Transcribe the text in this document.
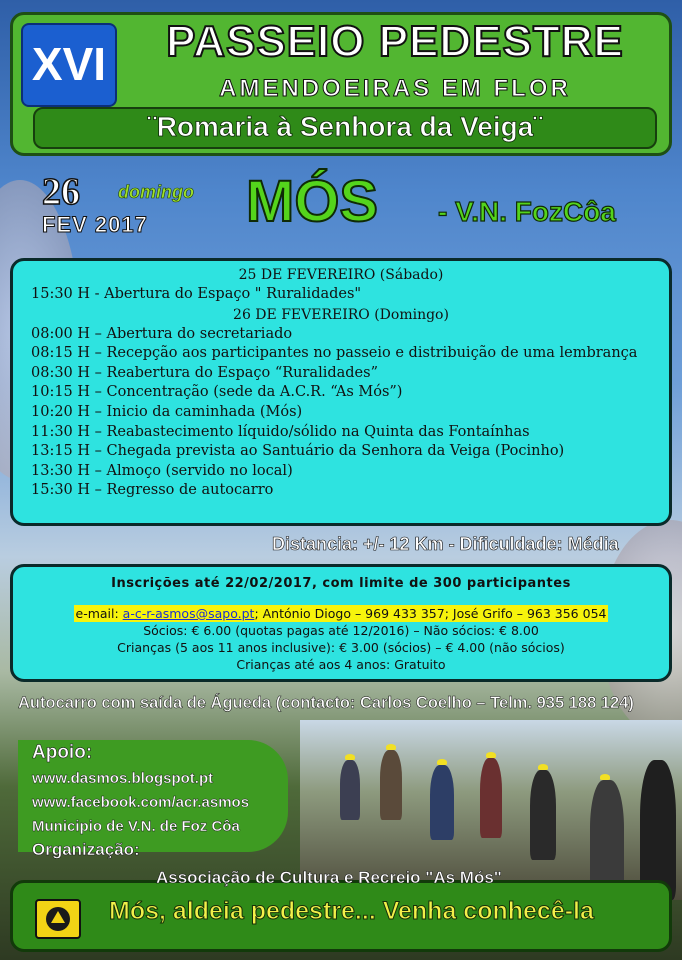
XVI	PASSEIO PEDESTRE
AMENDOEIRAS EM FLOR
¨Romaria à Senhora da Veiga¨
26 domingo
FEV 2017 MÓS - V.N. FozCôa
25 DE FEVEREIRO (Sábado)
15:30 H - Abertura do Espaço " Ruralidades"
26 DE FEVEREIRO (Domingo)
08:00 H – Abertura do secretariado
08:15 H – Recepção aos participantes no passeio e distribuição de uma lembrança
08:30 H – Reabertura do Espaço “Ruralidades”
10:15 H – Concentração (sede da A.C.R. “As Mós”)
10:20 H – Inicio da caminhada (Mós)
11:30 H – Reabastecimento líquido/sólido na Quinta das Fontaínhas
13:15 H – Chegada prevista ao Santuário da Senhora da Veiga (Pocinho)
13:30 H – Almoço (servido no local)
15:30 H – Regresso de autocarro
Distancia: +/- 12 Km - Dificuldade: Média
Inscrições até 22/02/2017, com limite de 300 participantes
e-mail: a-c-r-asmos@sapo.pt; António Diogo – 969 433 357; José Grifo – 963 356 054
Sócios: € 6.00 (quotas pagas até 12/2016) – Não sócios: € 8.00
Crianças (5 aos 11 anos inclusive): € 3.00 (sócios) – € 4.00 (não sócios)
Crianças até aos 4 anos: Gratuito
Autocarro com saída de Águeda (contacto: Carlos Coelho – Telm. 935 188 124)
Apoio:
www.dasmos.blogspot.pt
www.facebook.com/acr.asmos
Municipio de V.N. de Foz Côa
Organização:
Mós, aldeia pedestre... Venha conhecê-la
Associação de Cultura e Recreio "As Mós"
